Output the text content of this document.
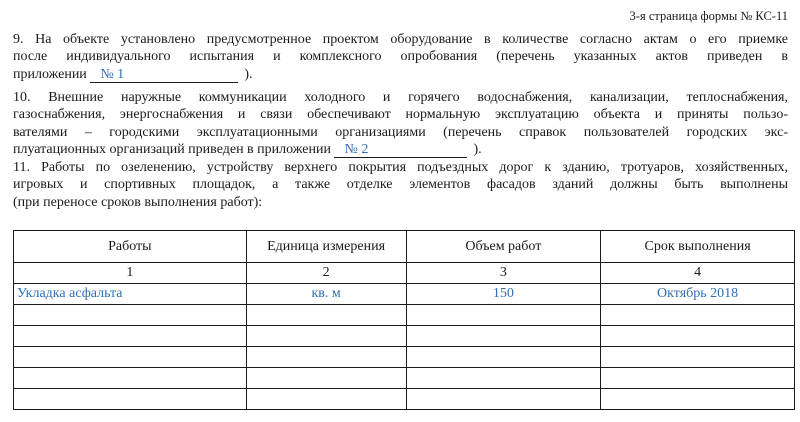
3-я страница формы № КС-11
9. На объекте установлено предусмотренное проектом оборудование в количестве согласно актам о его приемке
после индивидуального испытания и комплексного опробования (перечень указанных актов приведен в
приложении № 1	).
10. Внешние наружные коммуникации холодного и горячего водоснабжения, канализации, теплоснабжения,
газоснабжения, энергоснабжения и связи обеспечивают нормальную эксплуатацию объекта и приняты пользо-
вателями – городскими эксплуатационными организациями (перечень справок пользователей городских экс-
плуатационных организаций приведен в приложении № 2	).
11. Работы по озеленению, устройству верхнего покрытия подъездных дорог к зданию, тротуаров, хозяйственных,
игровых и спортивных площадок, а также отделке элементов фасадов зданий должны быть выполнены
(при переносе сроков выполнения работ):
Работы	Единица измерения	Объем работ	Срок выполнения
1	2	3	4
Укладка асфальта	кв. м	150	Октябрь 2018
